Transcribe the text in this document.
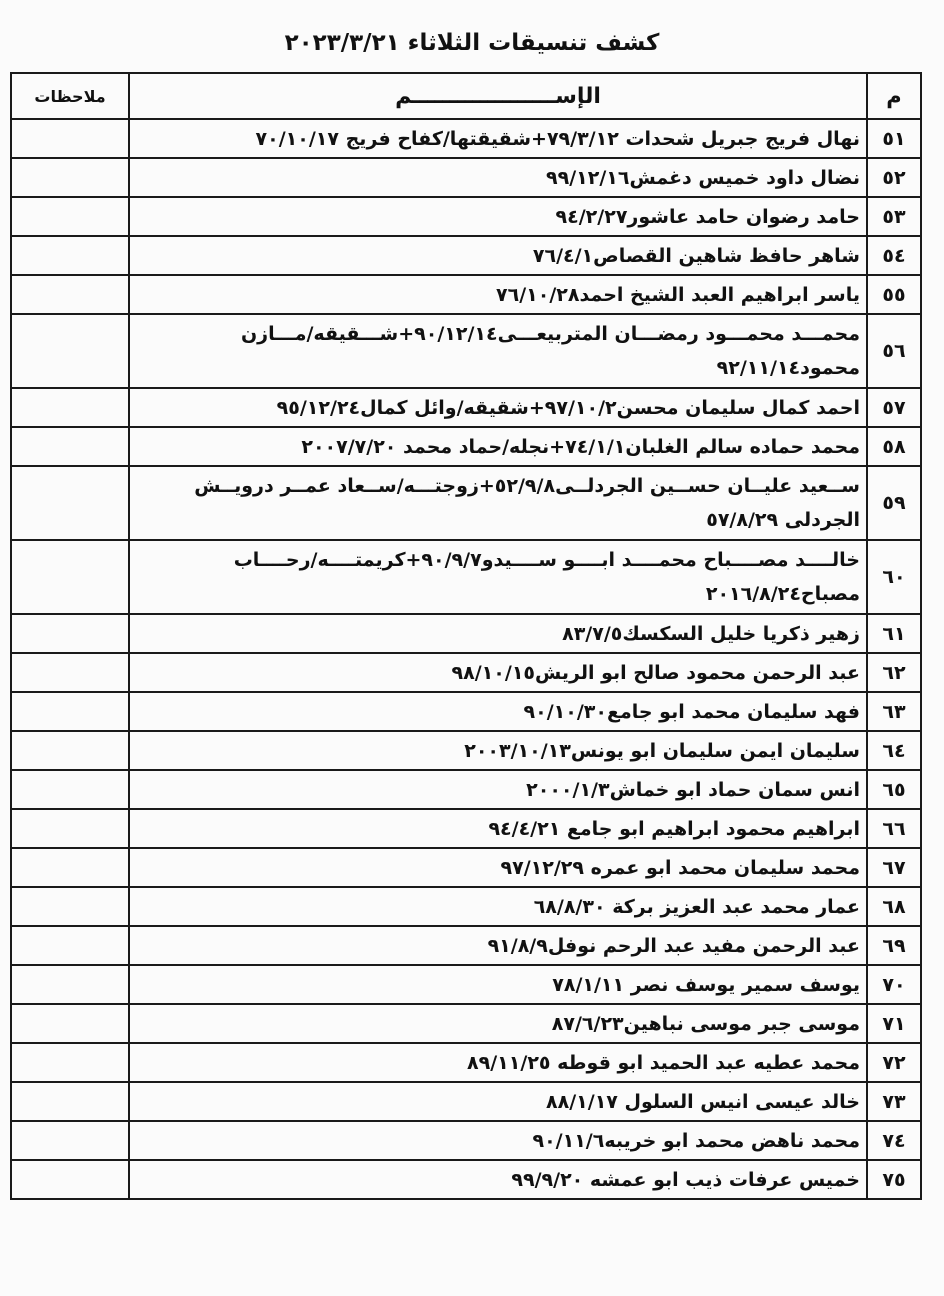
كشف تنسيقات الثلاثاء ٢٠٢٣/٣/٢١
م	الإســـــــــــــــــــم	ملاحظات
٥١	نهال فريج جبريل شحدات ٧٩/٣/١٢+شقيقتها/كفاح فريج ٧٠/١٠/١٧	
٥٢	نضال داود خميس دغمش٩٩/١٢/١٦	
٥٣	حامد رضوان حامد عاشور٩٤/٢/٢٧	
٥٤	شاهر حافظ شاهين القصاص٧٦/٤/١	
٥٥	ياسر ابراهيم العبد الشيخ احمد٧٦/١٠/٢٨	
٥٦	محمـــد محمـــود رمضـــان المتربيعـــى٩٠/١٢/١٤+شـــقيقه/مـــازن محمود٩٢/١١/١٤	
٥٧	احمد كمال سليمان محسن٩٧/١٠/٢+شقيقه/وائل كمال٩٥/١٢/٢٤	
٥٨	محمد حماده سالم الغلبان٧٤/١/١+نجله/حماد محمد ٢٠٠٧/٧/٢٠	
٥٩	ســعيد عليــان حســين الجردلــى٥٢/٩/٨+زوجتـــه/ســعاد عمــر درويــش الجردلى ٥٧/٨/٢٩	
٦٠	خالــــد مصــــباح محمــــد ابــــو ســــيدو٩٠/٩/٧+كريمتــــه/رحــــاب مصباح٢٠١٦/٨/٢٤	
٦١	زهير ذكريا خليل السكسك٨٣/٧/٥	
٦٢	عبد الرحمن محمود صالح ابو الريش٩٨/١٠/١٥	
٦٣	فهد سليمان محمد ابو جامع٩٠/١٠/٣٠	
٦٤	سليمان ايمن سليمان ابو يونس٢٠٠٣/١٠/١٣	
٦٥	انس سمان حماد ابو خماش٢٠٠٠/١/٣	
٦٦	ابراهيم محمود ابراهيم ابو جامع ٩٤/٤/٢١	
٦٧	محمد سليمان محمد ابو عمره ٩٧/١٢/٢٩	
٦٨	عمار محمد عبد العزيز بركة ٦٨/٨/٣٠	
٦٩	عبد الرحمن مفيد عبد الرحم نوفل٩١/٨/٩	
٧٠	يوسف سمير يوسف نصر ٧٨/١/١١	
٧١	موسى جبر موسى نباهين٨٧/٦/٢٣	
٧٢	محمد عطيه عبد الحميد ابو قوطه ٨٩/١١/٢٥	
٧٣	خالد عيسى انيس السلول ٨٨/١/١٧	
٧٤	محمد ناهض محمد ابو خريبه٩٠/١١/٦	
٧٥	خميس عرفات ذيب ابو عمشه ٩٩/٩/٢٠	
